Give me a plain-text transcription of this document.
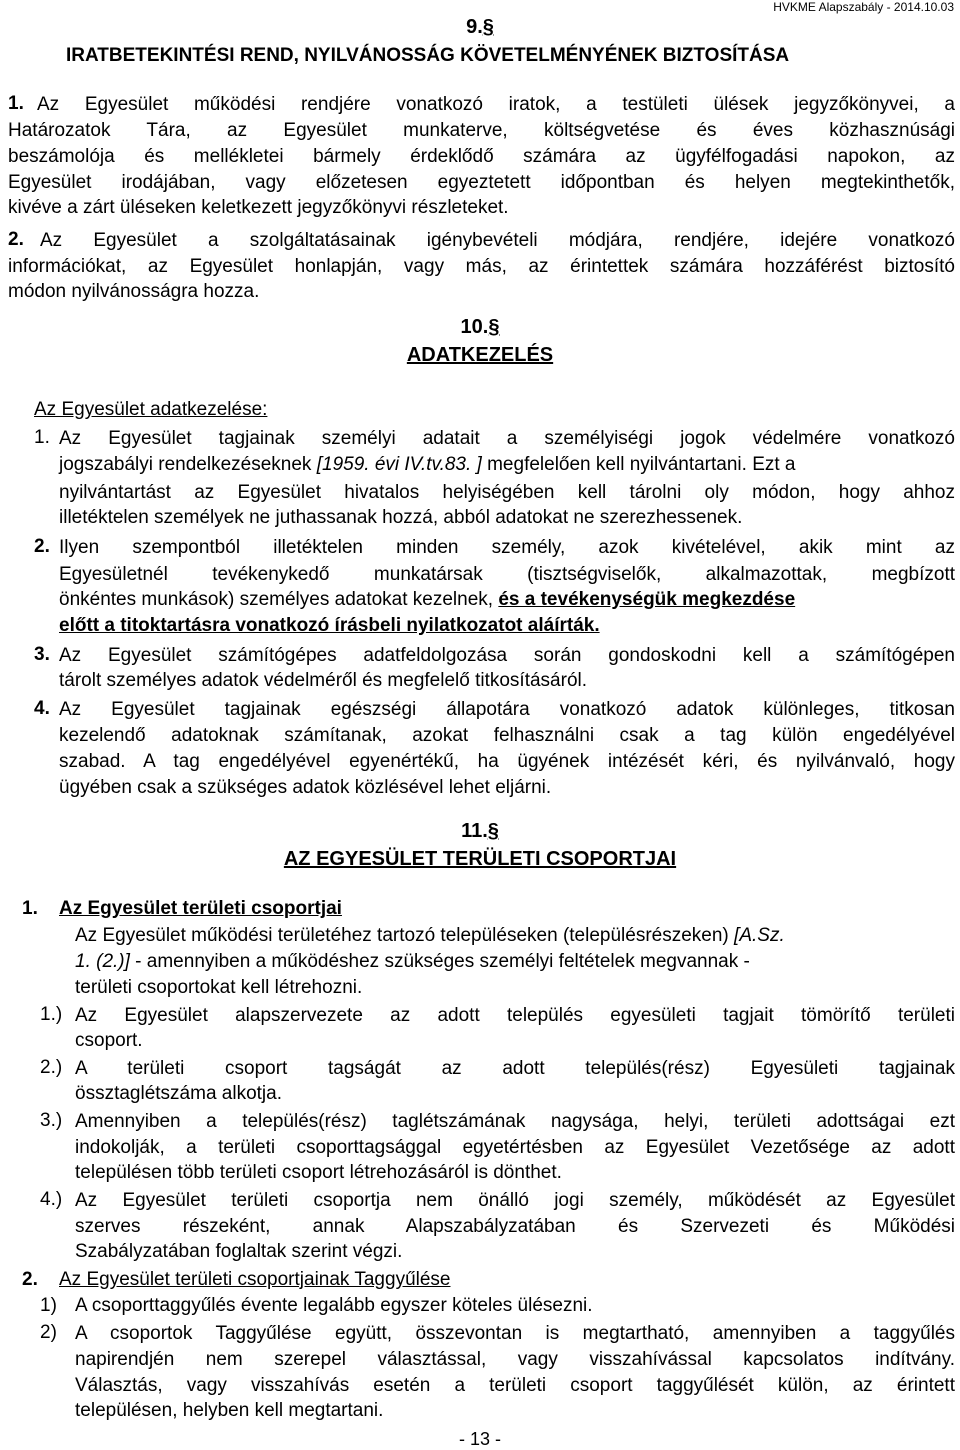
HVKME Alapszabály - 2014.10.03
9.§
IRATBETEKINTÉSI REND, NYILVÁNOSSÁG KÖVETELMÉNYÉNEK BIZTOSÍTÁSA
1. Az Egyesület működési rendjére vonatkozó iratok, a testületi ülések jegyzőkönyvei, a
Határozatok Tára, az Egyesület munkaterve, költségvetése és éves közhasznúsági
beszámolója és mellékletei bármely érdeklődő számára az ügyfélfogadási napokon, az
Egyesület irodájában, vagy előzetesen egyeztetett időpontban és helyen megtekinthetők,
kivéve a zárt üléseken keletkezett jegyzőkönyvi részleteket.
2. Az Egyesület a szolgáltatásainak igénybevételi módjára, rendjére, idejére vonatkozó
információkat, az Egyesület honlapján, vagy más, az érintettek számára hozzáférést biztosító
módon nyilvánosságra hozza.
10.§
ADATKEZELÉS
Az Egyesület adatkezelése:
1. Az Egyesület tagjainak személyi adatait a személyiségi jogok védelmére vonatkozó
jogszabályi rendelkezéseknek [1959. évi IV.tv.83. ] megfelelően kell nyilvántartani. Ezt a
nyilvántartást az Egyesület hivatalos helyiségében kell tárolni oly módon, hogy ahhoz
illetéktelen személyek ne juthassanak hozzá, abból adatokat ne szerezhessenek.
2. Ilyen szempontból illetéktelen minden személy, azok kivételével, akik mint az
Egyesületnél tevékenykedő munkatársak (tisztségviselők, alkalmazottak, megbízott
önkéntes munkások) személyes adatokat kezelnek, és a tevékenységük megkezdése
előtt a titoktartásra vonatkozó írásbeli nyilatkozatot aláírták.
3. Az Egyesület számítógépes adatfeldolgozása során gondoskodni kell a számítógépen
tárolt személyes adatok védelméről és megfelelő titkosításáról.
4. Az Egyesület tagjainak egészségi állapotára vonatkozó adatok különleges, titkosan
kezelendő adatoknak számítanak, azokat felhasználni csak a tag külön engedélyével
szabad. A tag engedélyével egyenértékű, ha ügyének intézését kéri, és nyilvánvaló, hogy
ügyében csak a szükséges adatok közlésével lehet eljárni.
11.§
AZ EGYESÜLET TERÜLETI CSOPORTJAI
1. Az Egyesület területi csoportjai
Az Egyesület működési területéhez tartozó településeken (településrészeken) [A.Sz.
1. (2.)] - amennyiben a működéshez szükséges személyi feltételek megvannak -
területi csoportokat kell létrehozni.
1.) Az Egyesület alapszervezete az adott település egyesületi tagjait tömörítő területi
csoport.
2.) A területi csoport tagságát az adott település(rész) Egyesületi tagjainak
össztaglétszáma alkotja.
3.) Amennyiben a település(rész) taglétszámának nagysága, helyi, területi adottságai ezt
indokolják, a területi csoporttagsággal egyetértésben az Egyesület Vezetősége az adott
településen több területi csoport létrehozásáról is dönthet.
4.) Az Egyesület területi csoportja nem önálló jogi személy, működését az Egyesület
szerves részeként, annak Alapszabályzatában és Szervezeti és Működési
Szabályzatában foglaltak szerint végzi.
2. Az Egyesület területi csoportjainak Taggyűlése
1) A csoporttaggyűlés évente legalább egyszer köteles ülésezni.
2) A csoportok Taggyűlése együtt, összevontan is megtartható, amennyiben a taggyűlés
napirendjén nem szerepel választással, vagy visszahívással kapcsolatos indítvány.
Választás, vagy visszahívás esetén a területi csoport taggyűlését külön, az érintett
településen, helyben kell megtartani.
- 13 -
